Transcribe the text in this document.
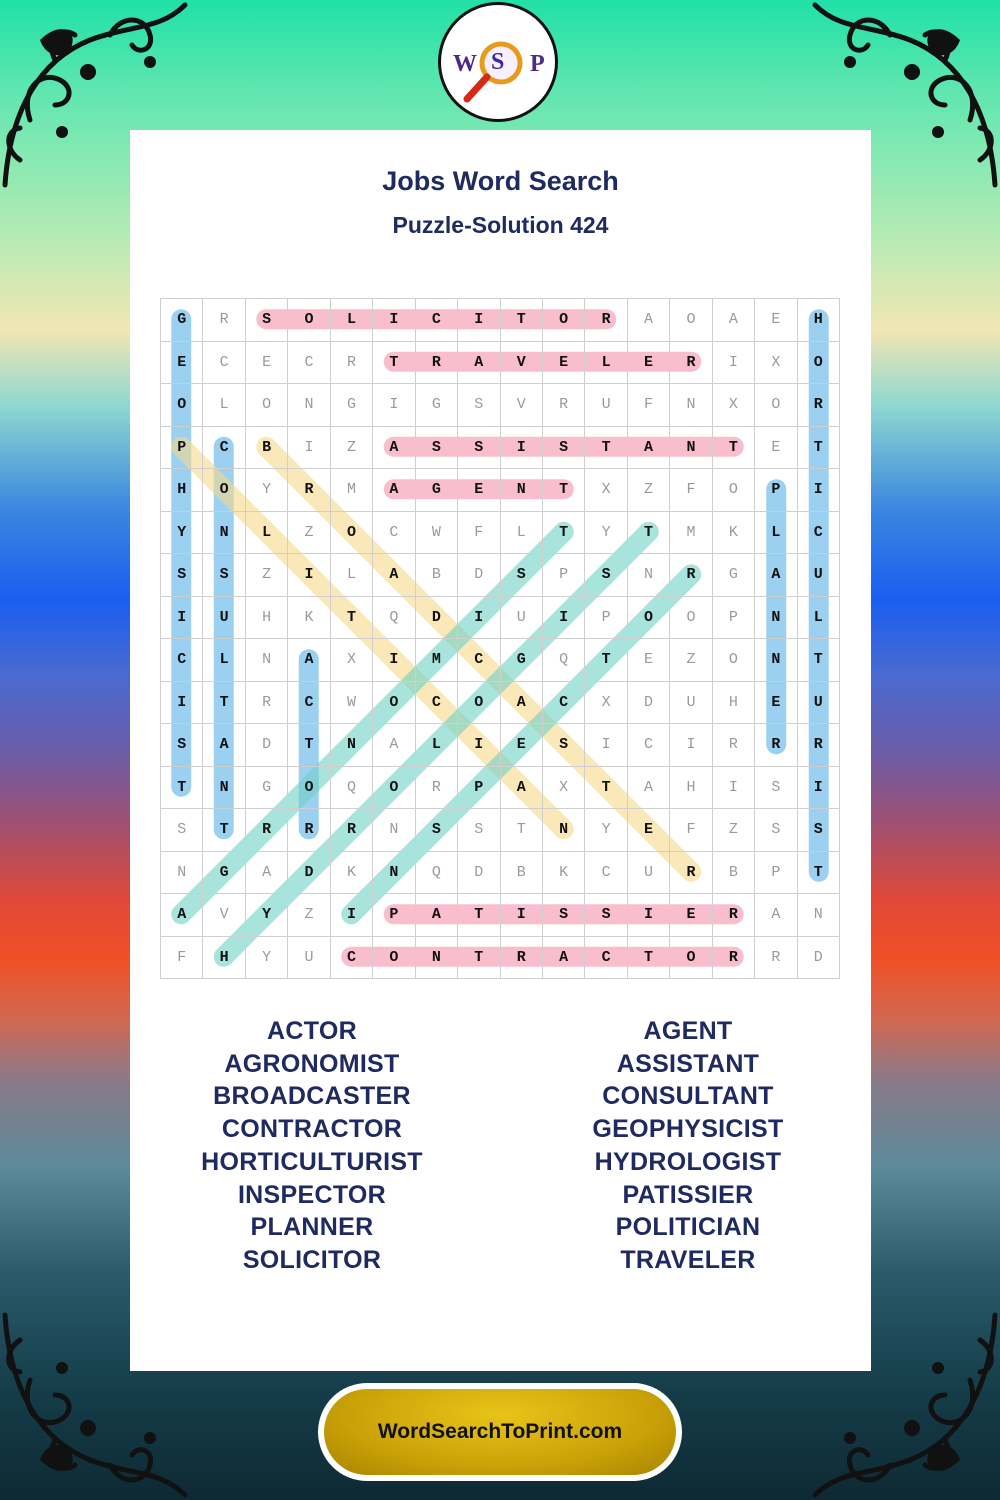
W S P
Jobs Word Search
Puzzle-Solution 424
G	R	S	O	L	I	C	I	T	O	R	A	O	A	E	H
E	C	E	C	R	T	R	A	V	E	L	E	R	I	X	O
O	L	O	N	G	I	G	S	V	R	U	F	N	X	O	R
P	C	B	I	Z	A	S	S	I	S	T	A	N	T	E	T
H	O	Y	R	M	A	G	E	N	T	X	Z	F	O	P	I
Y	N	L	Z	O	C	W	F	L	T	Y	T	M	K	L	C
S	S	Z	I	L	A	B	D	S	P	S	N	R	G	A	U
I	U	H	K	T	Q	D	I	U	I	P	O	O	P	N	L
C	L	N	A	X	I	M	C	G	Q	T	E	Z	O	N	T
I	T	R	C	W	O	C	O	A	C	X	D	U	H	E	U
S	A	D	T	N	A	L	I	E	S	I	C	I	R	R	R
T	N	G	O	Q	O	R	P	A	X	T	A	H	I	S	I
S	T	R	R	R	N	S	S	T	N	Y	E	F	Z	S	S
N	G	A	D	K	N	Q	D	B	K	C	U	R	B	P	T
A	V	Y	Z	I	P	A	T	I	S	S	I	E	R	A	N
F	H	Y	U	C	O	N	T	R	A	C	T	O	R	R	D
ACTOR
AGRONOMIST
BROADCASTER
CONTRACTOR
HORTICULTURIST
INSPECTOR
PLANNER
SOLICITOR
AGENT
ASSISTANT
CONSULTANT
GEOPHYSICIST
HYDROLOGIST
PATISSIER
POLITICIAN
TRAVELER
WordSearchToPrint.com
